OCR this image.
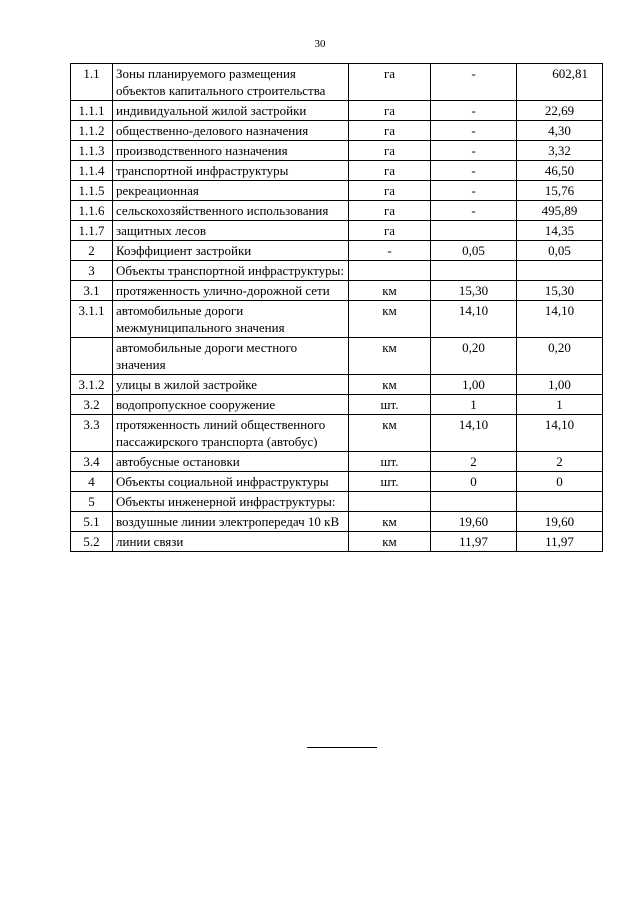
30
1.1	Зоны планируемого размещения объектов капитального строительства	га	-	602,81
1.1.1	индивидуальной жилой застройки	га	-	22,69
1.1.2	общественно-делового назначения	га	-	4,30
1.1.3	производственного назначения	га	-	3,32
1.1.4	транспортной инфраструктуры	га	-	46,50
1.1.5	рекреационная	га	-	15,76
1.1.6	сельскохозяйственного использования	га	-	495,89
1.1.7	защитных лесов	га		14,35
2	Коэффициент застройки	-	0,05	0,05
3	Объекты транспортной инфраструктуры:			
3.1	протяженность улично-дорожной сети	км	15,30	15,30
3.1.1	автомобильные дороги межмуниципального значения	км	14,10	14,10
	автомобильные дороги местного значения	км	0,20	0,20
3.1.2	улицы в жилой застройке	км	1,00	1,00
3.2	водопропускное сооружение	шт.	1	1
3.3	протяженность линий общественного пассажирского транспорта (автобус)	км	14,10	14,10
3.4	автобусные остановки	шт.	2	2
4	Объекты социальной инфраструктуры	шт.	0	0
5	Объекты инженерной инфраструктуры:			
5.1	воздушные линии электропередач 10 кВ	км	19,60	19,60
5.2	линии связи	км	11,97	11,97
